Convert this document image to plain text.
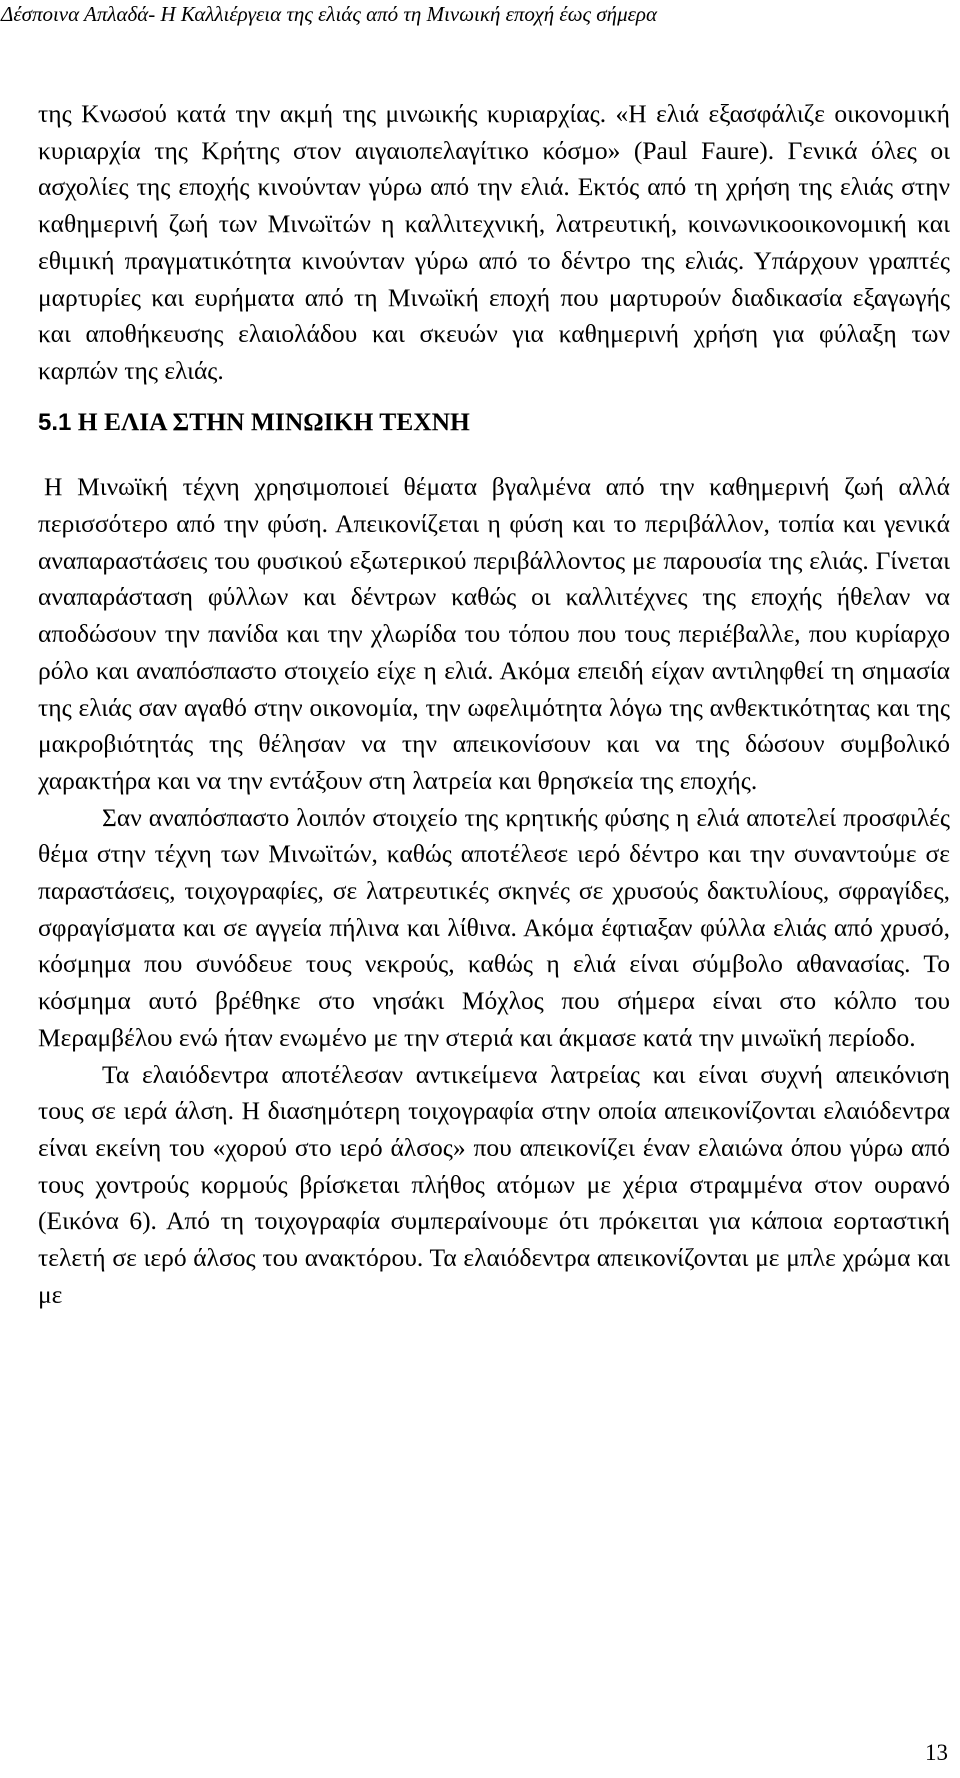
Δέσποινα Απλαδά- Η Καλλιέργεια της ελιάς από τη Μινωική εποχή έως σήμερα

της Κνωσού κατά την ακμή της μινωικής κυριαρχίας. «Η ελιά εξασφάλιζε οικονομική κυριαρχία της Κρήτης στον αιγαιοπελαγίτικο κόσμο» (Paul Faure). Γενικά όλες οι ασχολίες της εποχής κινούνταν γύρω από την ελιά. Εκτός από τη χρήση της ελιάς στην καθημερινή ζωή των Μινωϊτών η καλλιτεχνική, λατρευτική, κοινωνικοοικονομική και εθιμική πραγματικότητα κινούνταν γύρω από το δέντρο της ελιάς. Υπάρχουν γραπτές μαρτυρίες και ευρήματα από τη Μινωϊκή εποχή που μαρτυρούν διαδικασία εξαγωγής και αποθήκευσης ελαιολάδου και σκευών για καθημερινή χρήση για φύλαξη των καρπών της ελιάς.

5.1 Η ΕΛΙΑ ΣΤΗΝ ΜΙΝΩΙΚΗ ΤΕΧΝΗ

Η Μινωϊκή τέχνη χρησιμοποιεί θέματα βγαλμένα από την καθημερινή ζωή αλλά περισσότερο από την φύση. Απεικονίζεται η φύση και το περιβάλλον, τοπία και γενικά αναπαραστάσεις του φυσικού εξωτερικού περιβάλλοντος με παρουσία της ελιάς. Γίνεται αναπαράσταση φύλλων και δέντρων καθώς οι καλλιτέχνες της εποχής ήθελαν να αποδώσουν την πανίδα και την χλωρίδα του τόπου που τους περιέβαλλε, που κυρίαρχο ρόλο και αναπόσπαστο στοιχείο είχε η ελιά. Ακόμα επειδή είχαν αντιληφθεί τη σημασία της ελιάς σαν αγαθό στην οικονομία, την ωφελιμότητα λόγω της ανθεκτικότητας και της μακροβιότητάς της θέλησαν να την απεικονίσουν και να της δώσουν συμβολικό χαρακτήρα και να την εντάξουν στη λατρεία και θρησκεία της εποχής.

Σαν αναπόσπαστο λοιπόν στοιχείο της κρητικής φύσης η ελιά αποτελεί προσφιλές θέμα στην τέχνη των Μινωϊτών, καθώς αποτέλεσε ιερό δέντρο και την συναντούμε σε παραστάσεις, τοιχογραφίες, σε λατρευτικές σκηνές σε χρυσούς δακτυλίους, σφραγίδες, σφραγίσματα και σε αγγεία πήλινα και λίθινα. Ακόμα έφτιαξαν φύλλα ελιάς από χρυσό, κόσμημα που συνόδευε τους νεκρούς, καθώς η ελιά είναι σύμβολο αθανασίας. Το κόσμημα αυτό βρέθηκε στο νησάκι Μόχλος που σήμερα είναι στο κόλπο του Μεραμβέλου ενώ ήταν ενωμένο με την στεριά και άκμασε κατά την μινωϊκή περίοδο.

Τα ελαιόδεντρα αποτέλεσαν αντικείμενα λατρείας και είναι συχνή απεικόνιση τους σε ιερά άλση. Η διασημότερη τοιχογραφία στην οποία απεικονίζονται ελαιόδεντρα είναι εκείνη του «χορού στο ιερό άλσος» που απεικονίζει έναν ελαιώνα όπου γύρω από τους χοντρούς κορμούς βρίσκεται πλήθος ατόμων με χέρια στραμμένα στον ουρανό (Εικόνα 6). Από τη τοιχογραφία συμπεραίνουμε ότι πρόκειται για κάποια εορταστική τελετή σε ιερό άλσος του ανακτόρου. Τα ελαιόδεντρα απεικονίζονται με μπλε χρώμα και με

13
